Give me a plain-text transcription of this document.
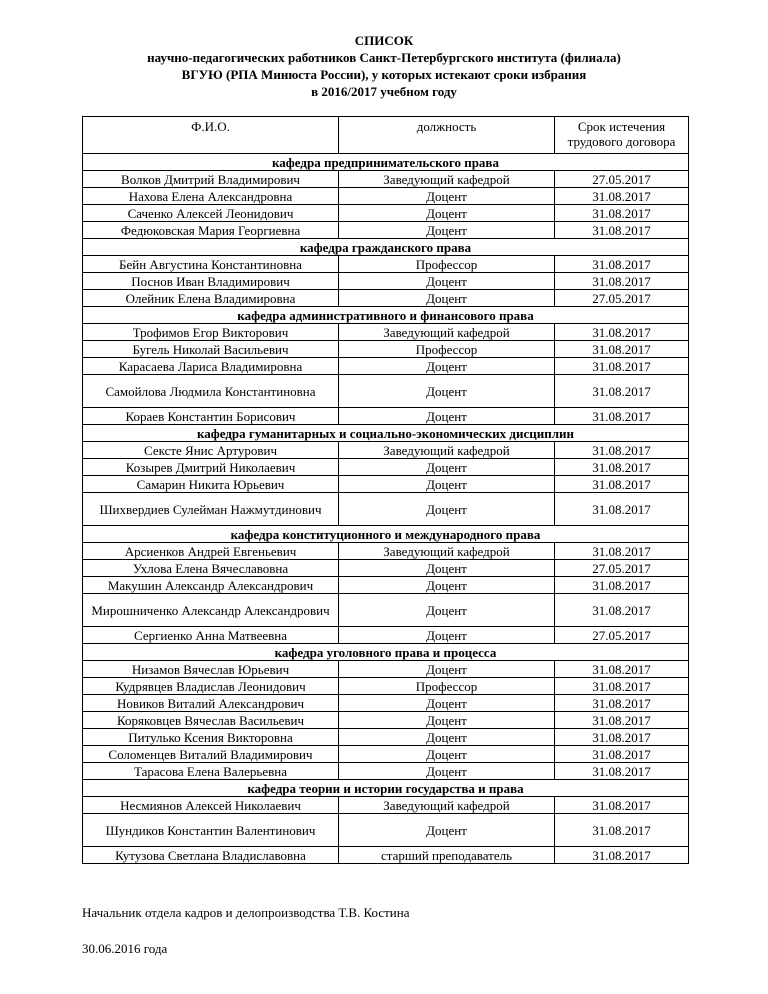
СПИСОК
научно-педагогических работников Санкт-Петербургского института (филиала)
ВГУЮ (РПА Минюста России), у которых истекают сроки избрания
в 2016/2017 учебном году
Ф.И.О.	должность	Срок истечения трудового договора
кафедра предпринимательского права		
Волков Дмитрий Владимирович	Заведующий кафедрой	27.05.2017
Нахова Елена Александровна	Доцент	31.08.2017
Саченко Алексей Леонидович	Доцент	31.08.2017
Федюковская Мария Георгиевна	Доцент	31.08.2017
кафедра гражданского права		
Бейн Августина Константиновна	Профессор	31.08.2017
Поснов Иван Владимирович	Доцент	31.08.2017
Олейник Елена Владимировна	Доцент	27.05.2017
кафедра административного и финансового права		
Трофимов Егор Викторович	Заведующий кафедрой	31.08.2017
Бугель Николай Васильевич	Профессор	31.08.2017
Карасаева Лариса Владимировна	Доцент	31.08.2017
Самойлова Людмила Константиновна	Доцент	31.08.2017
Кораев Константин Борисович	Доцент	31.08.2017
кафедра гуманитарных и социально-экономических дисциплин		
Сексте Янис Артурович	Заведующий кафедрой	31.08.2017
Козырев Дмитрий Николаевич	Доцент	31.08.2017
Самарин Никита Юрьевич	Доцент	31.08.2017
Шихвердиев Сулейман Нажмутдинович	Доцент	31.08.2017
кафедра конституционного и международного права		
Арсиенков Андрей Евгеньевич	Заведующий кафедрой	31.08.2017
Ухлова Елена Вячеславовна	Доцент	27.05.2017
Макушин Александр Александрович	Доцент	31.08.2017
Мирошниченко Александр Александрович	Доцент	31.08.2017
Сергиенко Анна Матвеевна	Доцент	27.05.2017
кафедра уголовного права и процесса		
Низамов Вячеслав Юрьевич	Доцент	31.08.2017
Кудрявцев Владислав Леонидович	Профессор	31.08.2017
Новиков Виталий Александрович	Доцент	31.08.2017
Коряковцев Вячеслав Васильевич	Доцент	31.08.2017
Питулько Ксения Викторовна	Доцент	31.08.2017
Соломенцев Виталий Владимирович	Доцент	31.08.2017
Тарасова Елена Валерьевна	Доцент	31.08.2017
кафедра теории и истории государства и права		
Несмиянов Алексей Николаевич	Заведующий кафедрой	31.08.2017
Шундиков Константин Валентинович	Доцент	31.08.2017
Кутузова Светлана Владиславовна	старший преподаватель	31.08.2017
Начальник отдела кадров и делопроизводства Т.В. Костина
30.06.2016 года
